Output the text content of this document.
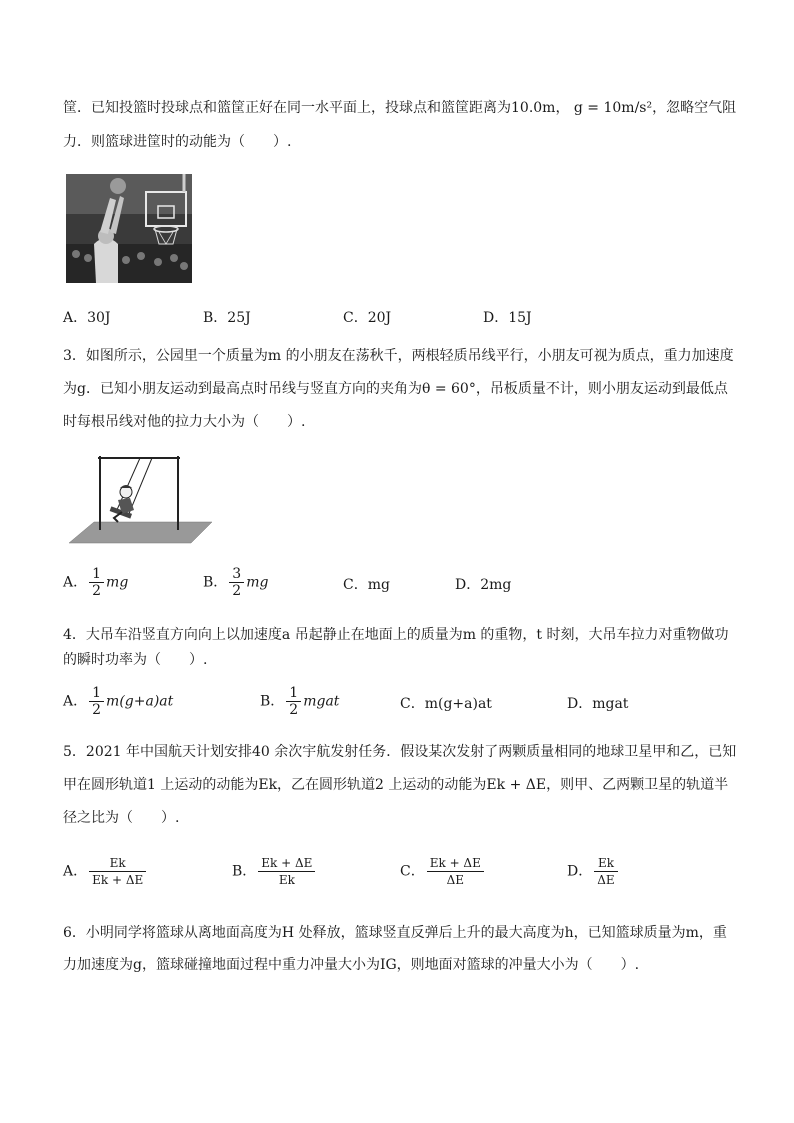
筐．已知投篮时投球点和篮筐正好在同一水平面上，投球点和篮筐距离为10.0m， g = 10m/s²，忽略空气阻
力．则篮球进筐时的动能为（　　）.
A．30J	B．25J	C．20J	D．15J
3．如图所示，公园里一个质量为m 的小朋友在荡秋千，两根轻质吊线平行，小朋友可视为质点，重力加速度
为g．已知小朋友运动到最高点时吊线与竖直方向的夹角为θ = 60°，吊板质量不计，则小朋友运动到最低点
时每根吊线对他的拉力大小为（　　）.
A． $\frac{1}{2}$ mg	B． $\frac{3}{2}$ mg	C．mg	D．2mg
4．大吊车沿竖直方向向上以加速度a 吊起静止在地面上的质量为m 的重物，t 时刻，大吊车拉力对重物做功
的瞬时功率为（　　）.
A． $\frac{1}{2} m(g+a)at$	B． $\frac{1}{2}$ mgat	C．m(g+a)at	D．mgat
5．2021 年中国航天计划安排40 余次宇航发射任务．假设某次发射了两颗质量相同的地球卫星甲和乙，已知
甲在圆形轨道1 上运动的动能为Ek，乙在圆形轨道2 上运动的动能为Ek + ΔE，则甲、乙两颗卫星的轨道半
径之比为（　　）.
A． $\frac{Ek}{Ek + \Delta E}$	B． $\frac{Ek + \Delta E}{Ek}$	C． $\frac{Ek + \Delta E}{\Delta E}$	D． $\frac{Ek}{\Delta E}$
6．小明同学将篮球从离地面高度为H 处释放，篮球竖直反弹后上升的最大高度为h，已知篮球质量为m，重
力加速度为g，篮球碰撞地面过程中重力冲量大小为IG，则地面对篮球的冲量大小为（　　）.
